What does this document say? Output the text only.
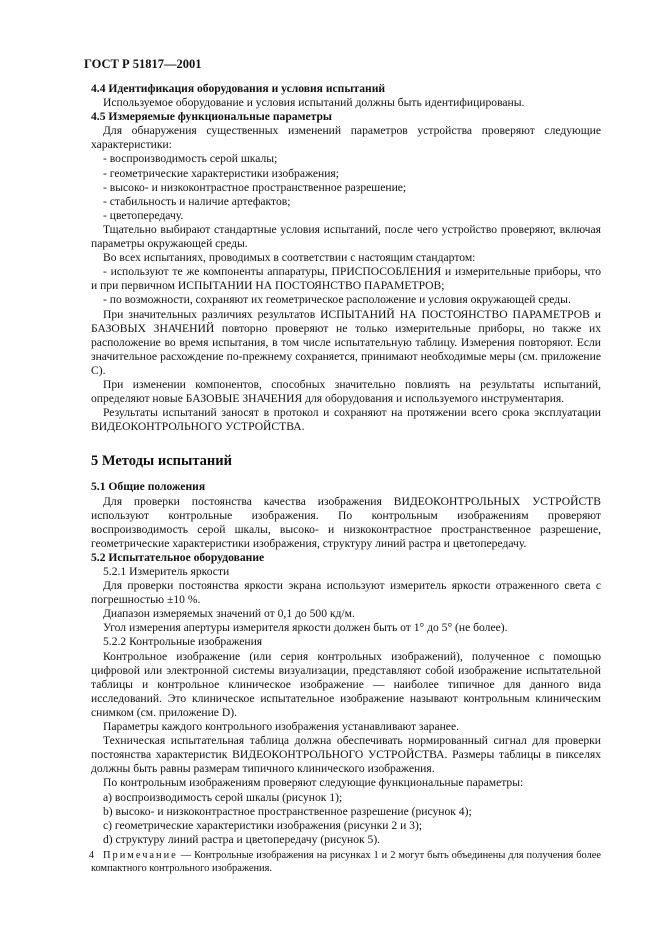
ГОСТ Р 51817—2001

4.4 Идентификация оборудования и условия испытаний

Используемое оборудование и условия испытаний должны быть идентифицированы.

4.5 Измеряемые функциональные параметры

Для обнаружения существенных изменений параметров устройства проверяют следующие характеристики:

- воспроизводимость серой шкалы;

- геометрические характеристики изображения;

- высоко- и низкоконтрастное пространственное разрешение;

- стабильность и наличие артефактов;

- цветопередачу.

Тщательно выбирают стандартные условия испытаний, после чего устройство проверяют, включая параметры окружающей среды.

Во всех испытаниях, проводимых в соответствии с настоящим стандартом:

- используют те же компоненты аппаратуры, ПРИСПОСОБЛЕНИЯ и измерительные приборы, что и при первичном ИСПЫТАНИИ НА ПОСТОЯНСТВО ПАРАМЕТРОВ;

- по возможности, сохраняют их геометрическое расположение и условия окружающей среды.

При значительных различиях результатов ИСПЫТАНИЙ НА ПОСТОЯНСТВО ПАРАМЕТРОВ и БАЗОВЫХ ЗНАЧЕНИЙ повторно проверяют не только измерительные приборы, но также их расположение во время испытания, в том числе испытательную таблицу. Измерения повторяют. Если значительное расхождение по-прежнему сохраняется, принимают необходимые меры (см. приложение С).

При изменении компонентов, способных значительно повлиять на результаты испытаний, определяют новые БАЗОВЫЕ ЗНАЧЕНИЯ для оборудования и используемого инструментария.

Результаты испытаний заносят в протокол и сохраняют на протяжении всего срока эксплуатации ВИДЕОКОНТРОЛЬНОГО УСТРОЙСТВА.

5 Методы испытаний

5.1 Общие положения

Для проверки постоянства качества изображения ВИДЕОКОНТРОЛЬНЫХ УСТРОЙСТВ используют контрольные изображения. По контрольным изображениям проверяют воспроизводимость серой шкалы, высоко- и низкоконтрастное пространственное разрешение, геометрические характеристики изображения, структуру линий растра и цветопередачу.

5.2 Испытательное оборудование

5.2.1 Измеритель яркости

Для проверки постоянства яркости экрана используют измеритель яркости отраженного света с погрешностью ±10 %.

Диапазон измеряемых значений от 0,1 до 500 кд/м.

Угол измерения апертуры измерителя яркости должен быть от 1° до 5° (не более).

5.2.2 Контрольные изображения

Контрольное изображение (или серия контрольных изображений), полученное с помощью цифровой или электронной системы визуализации, представляют собой изображение испытательной таблицы и контрольное клиническое изображение — наиболее типичное для данного вида исследований. Это клиническое испытательное изображение называют контрольным клиническим снимком (см. приложение D).

Параметры каждого контрольного изображения устанавливают заранее.

Техническая испытательная таблица должна обеспечивать нормированный сигнал для проверки постоянства характеристик ВИДЕОКОНТРОЛЬНОГО УСТРОЙСТВА. Размеры таблицы в пикселях должны быть равны размерам типичного клинического изображения.

По контрольным изображениям проверяют следующие функциональные параметры:

a) воспроизводимость серой шкалы (рисунок 1);

b) высоко- и низкоконтрастное пространственное разрешение (рисунок 4);

c) геометрические характеристики изображения (рисунки 2 и 3);

d) структуру линий растра и цветопередачу (рисунок 5).

Примечание — Контрольные изображения на рисунках 1 и 2 могут быть объединены для получения более компактного контрольного изображения.

4
